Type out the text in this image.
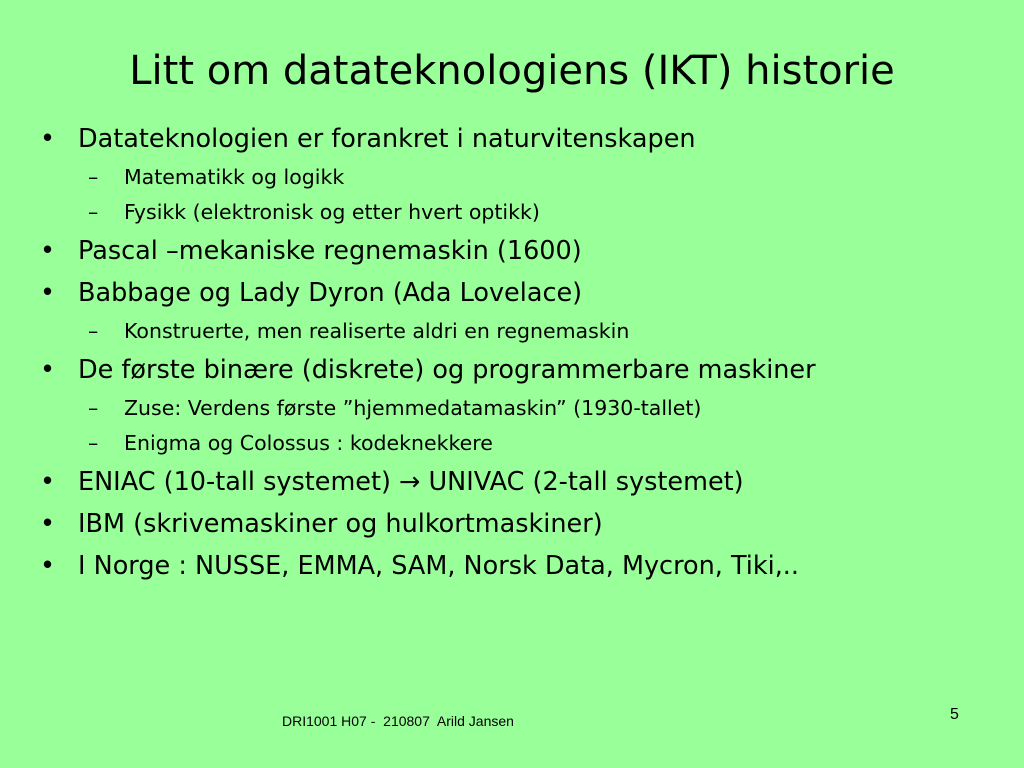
Litt om datateknologiens (IKT) historie
• Datateknologien er forankret i naturvitenskapen
– Matematikk og logikk
– Fysikk (elektronisk og etter hvert optikk)
• Pascal –mekaniske regnemaskin (1600)
• Babbage og Lady Dyron (Ada Lovelace)
– Konstruerte, men realiserte aldri en regnemaskin
• De første binære (diskrete) og programmerbare maskiner
– Zuse: Verdens første ”hjemmedatamaskin” (1930-tallet)
– Enigma og Colossus : kodeknekkere
• ENIAC (10-tall systemet) → UNIVAC (2-tall systemet)
• IBM (skrivemaskiner og hulkortmaskiner)
• I Norge : NUSSE, EMMA, SAM, Norsk Data, Mycron, Tiki,..
DRI1001 H07 -  210807  Arild Jansen	5
